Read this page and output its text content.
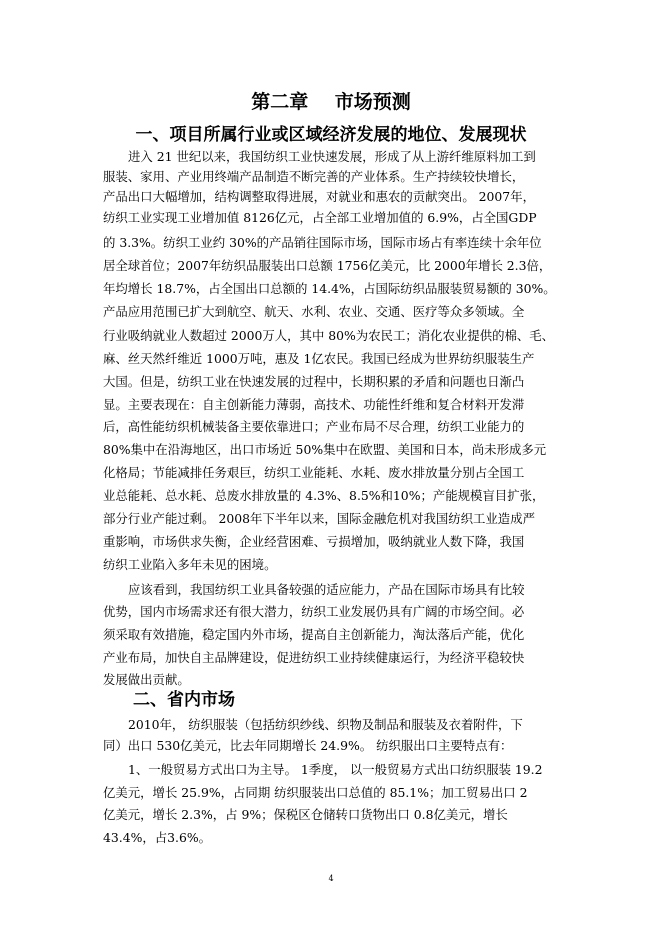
第二章    市场预测
一、项目所属行业或区域经济发展的地位、发展现状
进入 21 世纪以来，我国纺织工业快速发展，形成了从上游纤维原料加工到
服装、家用、产业用终端产品制造不断完善的产业体系。生产持续较快增长，
产品出口大幅增加，结构调整取得进展，对就业和惠农的贡献突出。 2007年，
纺织工业实现工业增加值 8126亿元，占全部工业增加值的 6.9%，占全国GDP
的 3.3%。纺织工业约 30%的产品销往国际市场，国际市场占有率连续十余年位
居全球首位；2007年纺织品服装出口总额 1756亿美元，比 2000年增长 2.3倍，
年均增长 18.7%，占全国出口总额的 14.4%，占国际纺织品服装贸易额的 30%。
产品应用范围已扩大到航空、航天、水利、农业、交通、医疗等众多领域。全
行业吸纳就业人数超过 2000万人，其中 80%为农民工；消化农业提供的棉、毛、
麻、丝天然纤维近 1000万吨，惠及 1亿农民。我国已经成为世界纺织服装生产
大国。但是，纺织工业在快速发展的过程中，长期积累的矛盾和问题也日渐凸
显。主要表现在：自主创新能力薄弱，高技术、功能性纤维和复合材料开发滞
后，高性能纺织机械装备主要依靠进口；产业布局不尽合理，纺织工业能力的
80%集中在沿海地区，出口市场近 50%集中在欧盟、美国和日本，尚未形成多元
化格局；节能减排任务艰巨，纺织工业能耗、水耗、废水排放量分别占全国工
业总能耗、总水耗、总废水排放量的 4.3%、8.5%和10%；产能规模盲目扩张，
部分行业产能过剩。 2008年下半年以来，国际金融危机对我国纺织工业造成严
重影响，市场供求失衡，企业经营困难、亏损增加，吸纳就业人数下降，我国
纺织工业陷入多年未见的困境。
应该看到，我国纺织工业具备较强的适应能力，产品在国际市场具有比较
优势，国内市场需求还有很大潜力，纺织工业发展仍具有广阔的市场空间。必
须采取有效措施，稳定国内外市场，提高自主创新能力，淘汰落后产能，优化
产业布局，加快自主品牌建设，促进纺织工业持续健康运行，为经济平稳较快
发展做出贡献。
二、省内市场
2010年， 纺织服装（包括纺织纱线、织物及制品和服装及衣着附件，下
同）出口 530亿美元，比去年同期增长 24.9%。 纺织服出口主要特点有：
1、一般贸易方式出口为主导。 1季度， 以一般贸易方式出口纺织服装 19.2
亿美元，增长 25.9%，占同期 纺织服装出口总值的 85.1%；加工贸易出口 2
亿美元，增长 2.3%，占 9%；保税区仓储转口货物出口 0.8亿美元，增长
43.4%，占3.6%。
4
